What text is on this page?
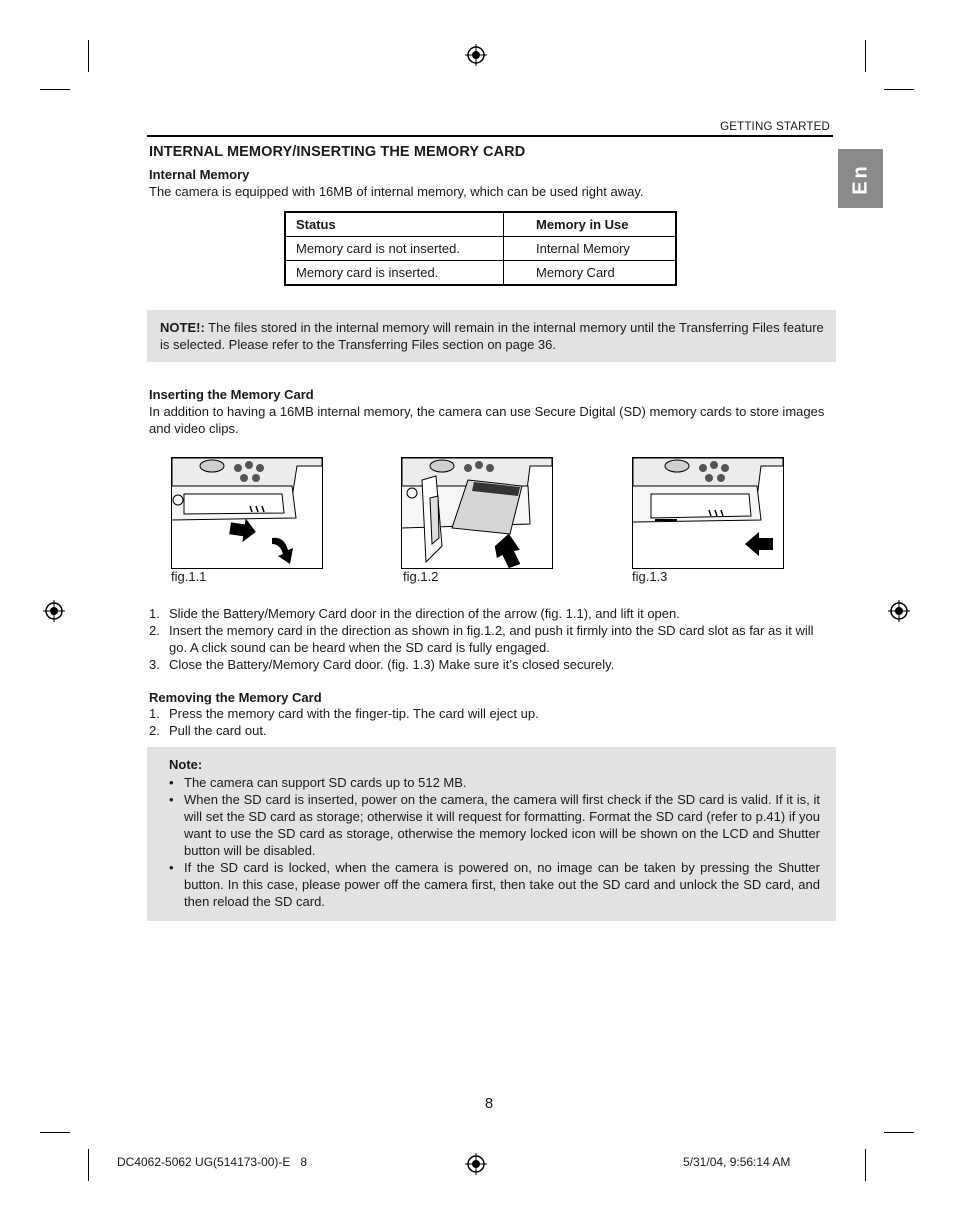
GETTING STARTED
En
INTERNAL MEMORY/INSERTING THE MEMORY CARD
Internal Memory

The camera is equipped with 16MB of internal memory, which can be used right away.

Status	Memory in Use
Memory card is not inserted.	Internal Memory
Memory card is inserted.	Memory Card

NOTE!: The files stored in the internal memory will remain in the internal memory until the Transferring Files feature is selected. Please refer to the Transferring Files section on page 36.

Inserting the Memory Card

In addition to having a 16MB internal memory, the camera can use Secure Digital (SD) memory cards to store images and video clips.

fig.1.1	fig.1.2	fig.1.3
1. Slide the Battery/Memory Card door in the direction of the arrow (fig. 1.1), and lift it open.
2. Insert the memory card in the direction as shown in fig.1.2, and push it firmly into the SD card slot as far as it will go. A click sound can be heard when the SD card is fully engaged.
3. Close the Battery/Memory Card door. (fig. 1.3) Make sure it’s closed securely.
Removing the Memory Card
1. Press the memory card with the finger-tip. The card will eject up.
2. Pull the card out.
Note:
• The camera can support SD cards up to 512 MB.
• When the SD card is inserted, power on the camera, the camera will first check if the SD card is valid. If it is, it will set the SD card as storage; otherwise it will request for formatting. Format the SD card (refer to p.41) if you want to use the SD card as storage, otherwise the memory locked icon will be shown on the LCD and Shutter button will be disabled.
• If the SD card is locked, when the camera is powered on, no image can be taken by pressing the Shutter button. In this case, please power off the camera first, then take out the SD card and unlock the SD card, and then reload the SD card.
8
DC4062-5062 UG(514173-00)-E   8	5/31/04, 9:56:14 AM
